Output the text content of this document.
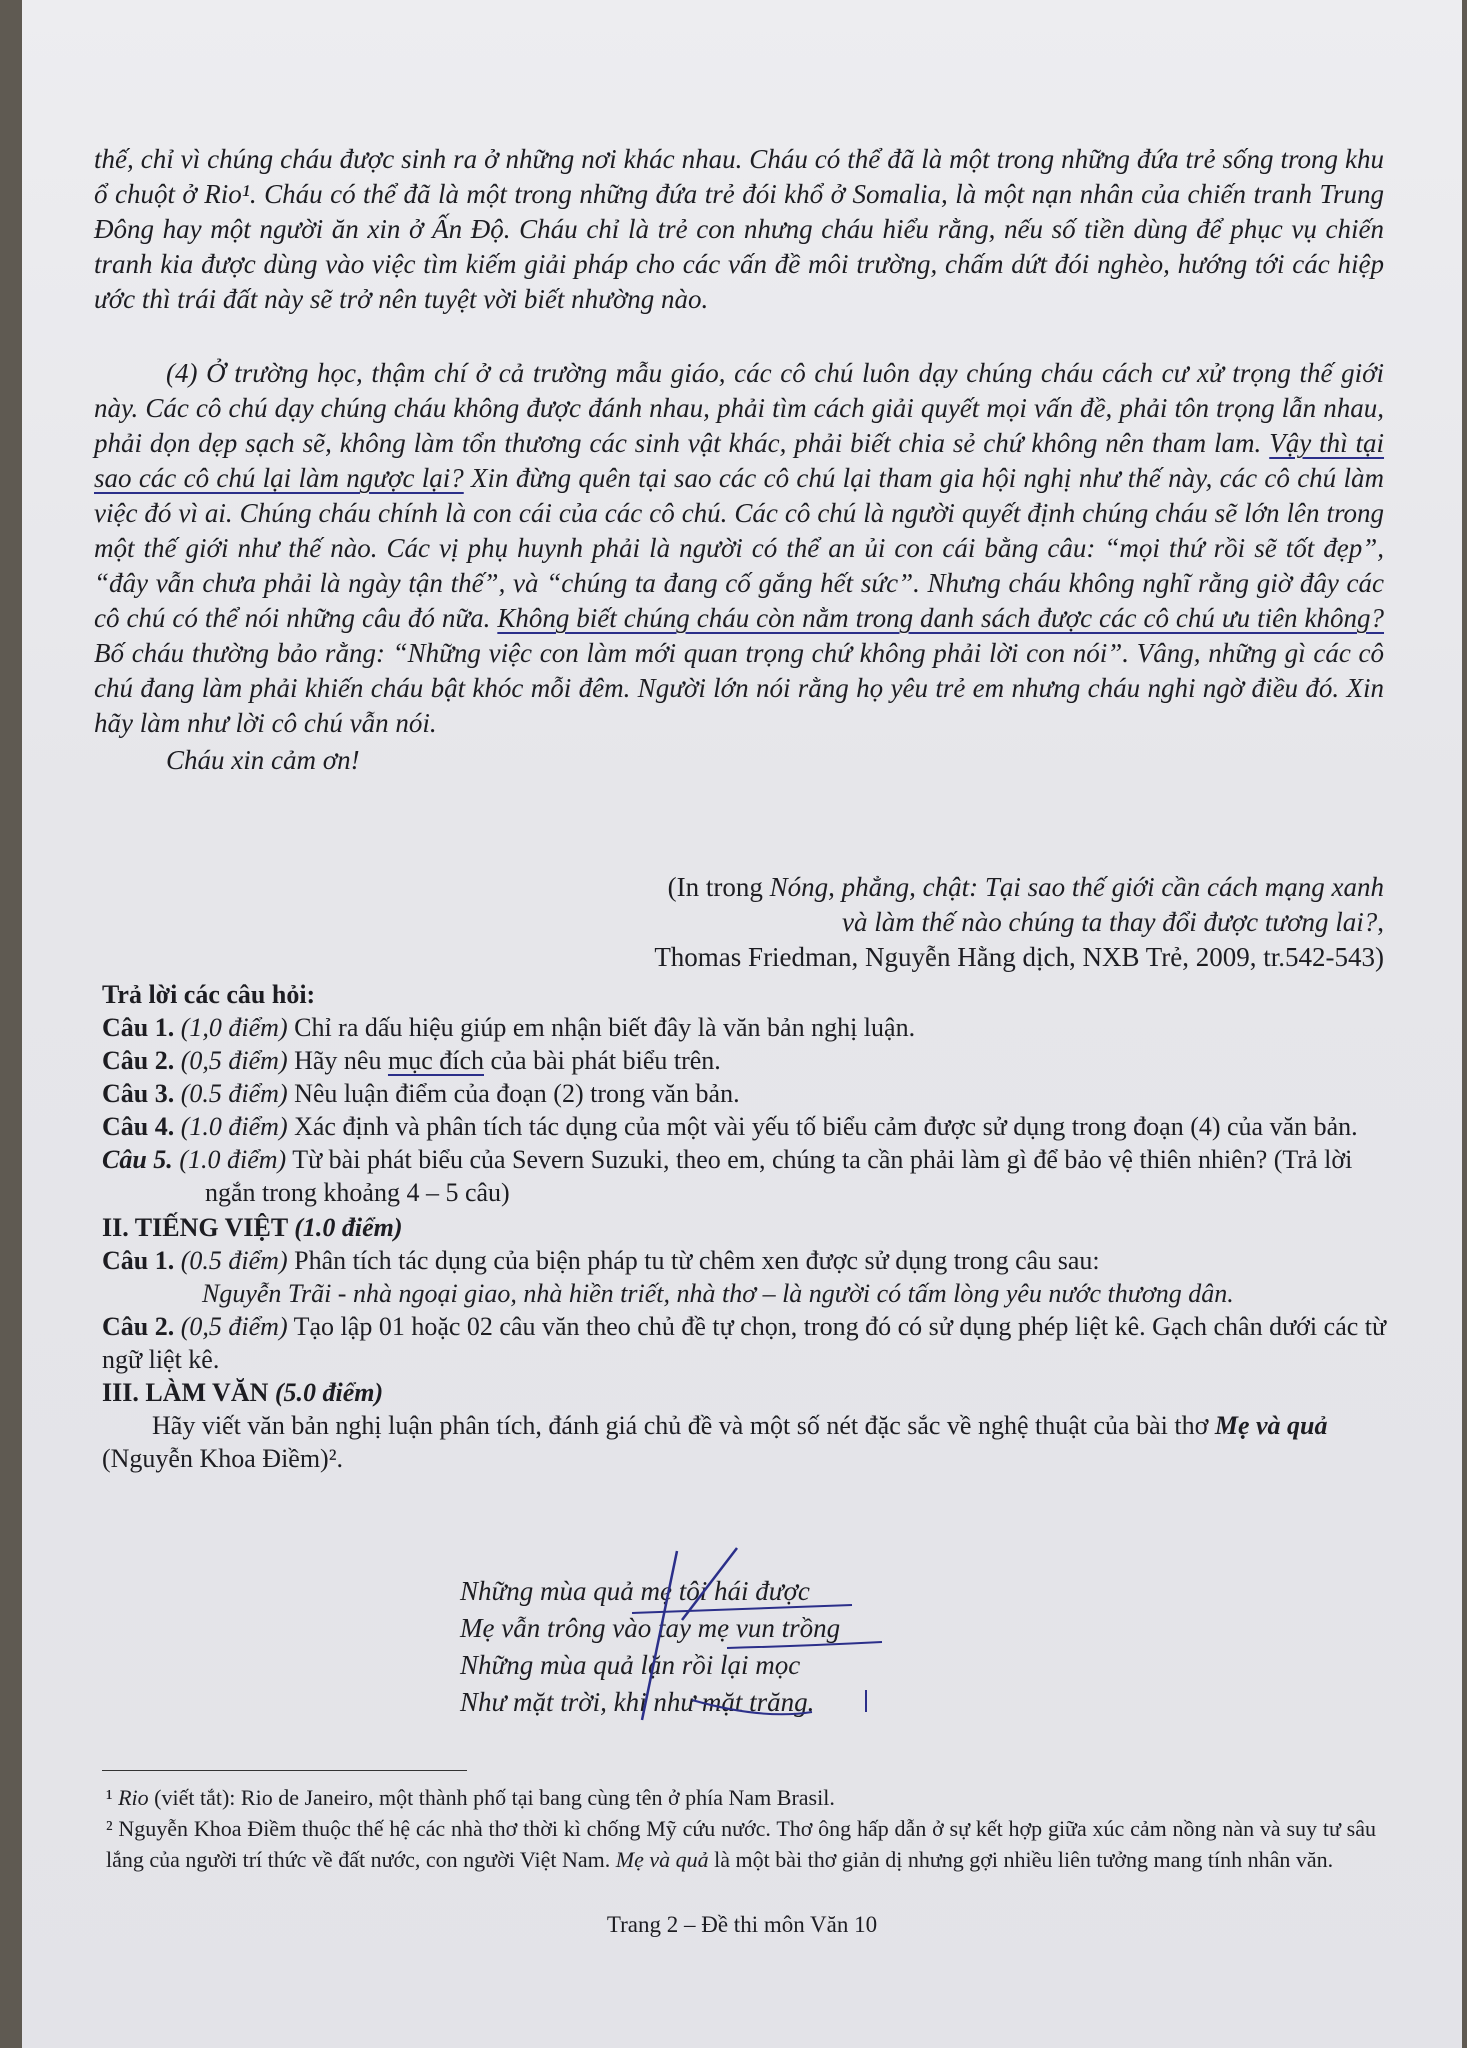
thế, chỉ vì chúng cháu được sinh ra ở những nơi khác nhau. Cháu có thể đã là một trong những đứa trẻ sống trong khu ổ chuột ở Rio¹. Cháu có thể đã là một trong những đứa trẻ đói khổ ở Somalia, là một nạn nhân của chiến tranh Trung Đông hay một người ăn xin ở Ấn Độ. Cháu chỉ là trẻ con nhưng cháu hiểu rằng, nếu số tiền dùng để phục vụ chiến tranh kia được dùng vào việc tìm kiếm giải pháp cho các vấn đề môi trường, chấm dứt đói nghèo, hướng tới các hiệp ước thì trái đất này sẽ trở nên tuyệt vời biết nhường nào.

(4) Ở trường học, thậm chí ở cả trường mẫu giáo, các cô chú luôn dạy chúng cháu cách cư xử trọng thế giới này. Các cô chú dạy chúng cháu không được đánh nhau, phải tìm cách giải quyết mọi vấn đề, phải tôn trọng lẫn nhau, phải dọn dẹp sạch sẽ, không làm tổn thương các sinh vật khác, phải biết chia sẻ chứ không nên tham lam. Vậy thì tại sao các cô chú lại làm ngược lại? Xin đừng quên tại sao các cô chú lại tham gia hội nghị như thế này, các cô chú làm việc đó vì ai. Chúng cháu chính là con cái của các cô chú. Các cô chú là người quyết định chúng cháu sẽ lớn lên trong một thế giới như thế nào. Các vị phụ huynh phải là người có thể an ủi con cái bằng câu: “mọi thứ rồi sẽ tốt đẹp”, “đây vẫn chưa phải là ngày tận thế”, và “chúng ta đang cố gắng hết sức”. Nhưng cháu không nghĩ rằng giờ đây các cô chú có thể nói những câu đó nữa. Không biết chúng cháu còn nằm trong danh sách được các cô chú ưu tiên không? Bố cháu thường bảo rằng: “Những việc con làm mới quan trọng chứ không phải lời con nói”. Vâng, những gì các cô chú đang làm phải khiến cháu bật khóc mỗi đêm. Người lớn nói rằng họ yêu trẻ em nhưng cháu nghi ngờ điều đó. Xin hãy làm như lời cô chú vẫn nói.

Cháu xin cảm ơn!

(In trong Nóng, phẳng, chật: Tại sao thế giới cần cách mạng xanh

và làm thế nào chúng ta thay đổi được tương lai?,

Thomas Friedman, Nguyễn Hằng dịch, NXB Trẻ, 2009, tr.542-543)

Trả lời các câu hỏi:

Câu 1. (1,0 điểm) Chỉ ra dấu hiệu giúp em nhận biết đây là văn bản nghị luận.

Câu 2. (0,5 điểm) Hãy nêu mục đích của bài phát biểu trên.

Câu 3. (0.5 điểm) Nêu luận điểm của đoạn (2) trong văn bản.

Câu 4. (1.0 điểm) Xác định và phân tích tác dụng của một vài yếu tố biểu cảm được sử dụng trong đoạn (4) của văn bản.

Câu 5. (1.0 điểm) Từ bài phát biểu của Severn Suzuki, theo em, chúng ta cần phải làm gì để bảo vệ thiên nhiên? (Trả lời ngắn trong khoảng 4 – 5 câu)

II. TIẾNG VIỆT (1.0 điểm)

Câu 1. (0.5 điểm) Phân tích tác dụng của biện pháp tu từ chêm xen được sử dụng trong câu sau:

Nguyễn Trãi - nhà ngoại giao, nhà hiền triết, nhà thơ – là người có tấm lòng yêu nước thương dân.

Câu 2. (0,5 điểm) Tạo lập 01 hoặc 02 câu văn theo chủ đề tự chọn, trong đó có sử dụng phép liệt kê. Gạch chân dưới các từ ngữ liệt kê.

III. LÀM VĂN (5.0 điểm)

Hãy viết văn bản nghị luận phân tích, đánh giá chủ đề và một số nét đặc sắc về nghệ thuật của bài thơ Mẹ và quả (Nguyễn Khoa Điềm)².

Những mùa quả mẹ tôi hái được

Mẹ vẫn trông vào tay mẹ vun trồng

Những mùa quả lặn rồi lại mọc

Như mặt trời, khi như mặt trăng.

¹ Rio (viết tắt): Rio de Janeiro, một thành phố tại bang cùng tên ở phía Nam Brasil.

² Nguyễn Khoa Điềm thuộc thế hệ các nhà thơ thời kì chống Mỹ cứu nước. Thơ ông hấp dẫn ở sự kết hợp giữa xúc cảm nồng nàn và suy tư sâu lắng của người trí thức về đất nước, con người Việt Nam. Mẹ và quả là một bài thơ giản dị nhưng gợi nhiều liên tưởng mang tính nhân văn.

Trang 2 – Đề thi môn Văn 10
